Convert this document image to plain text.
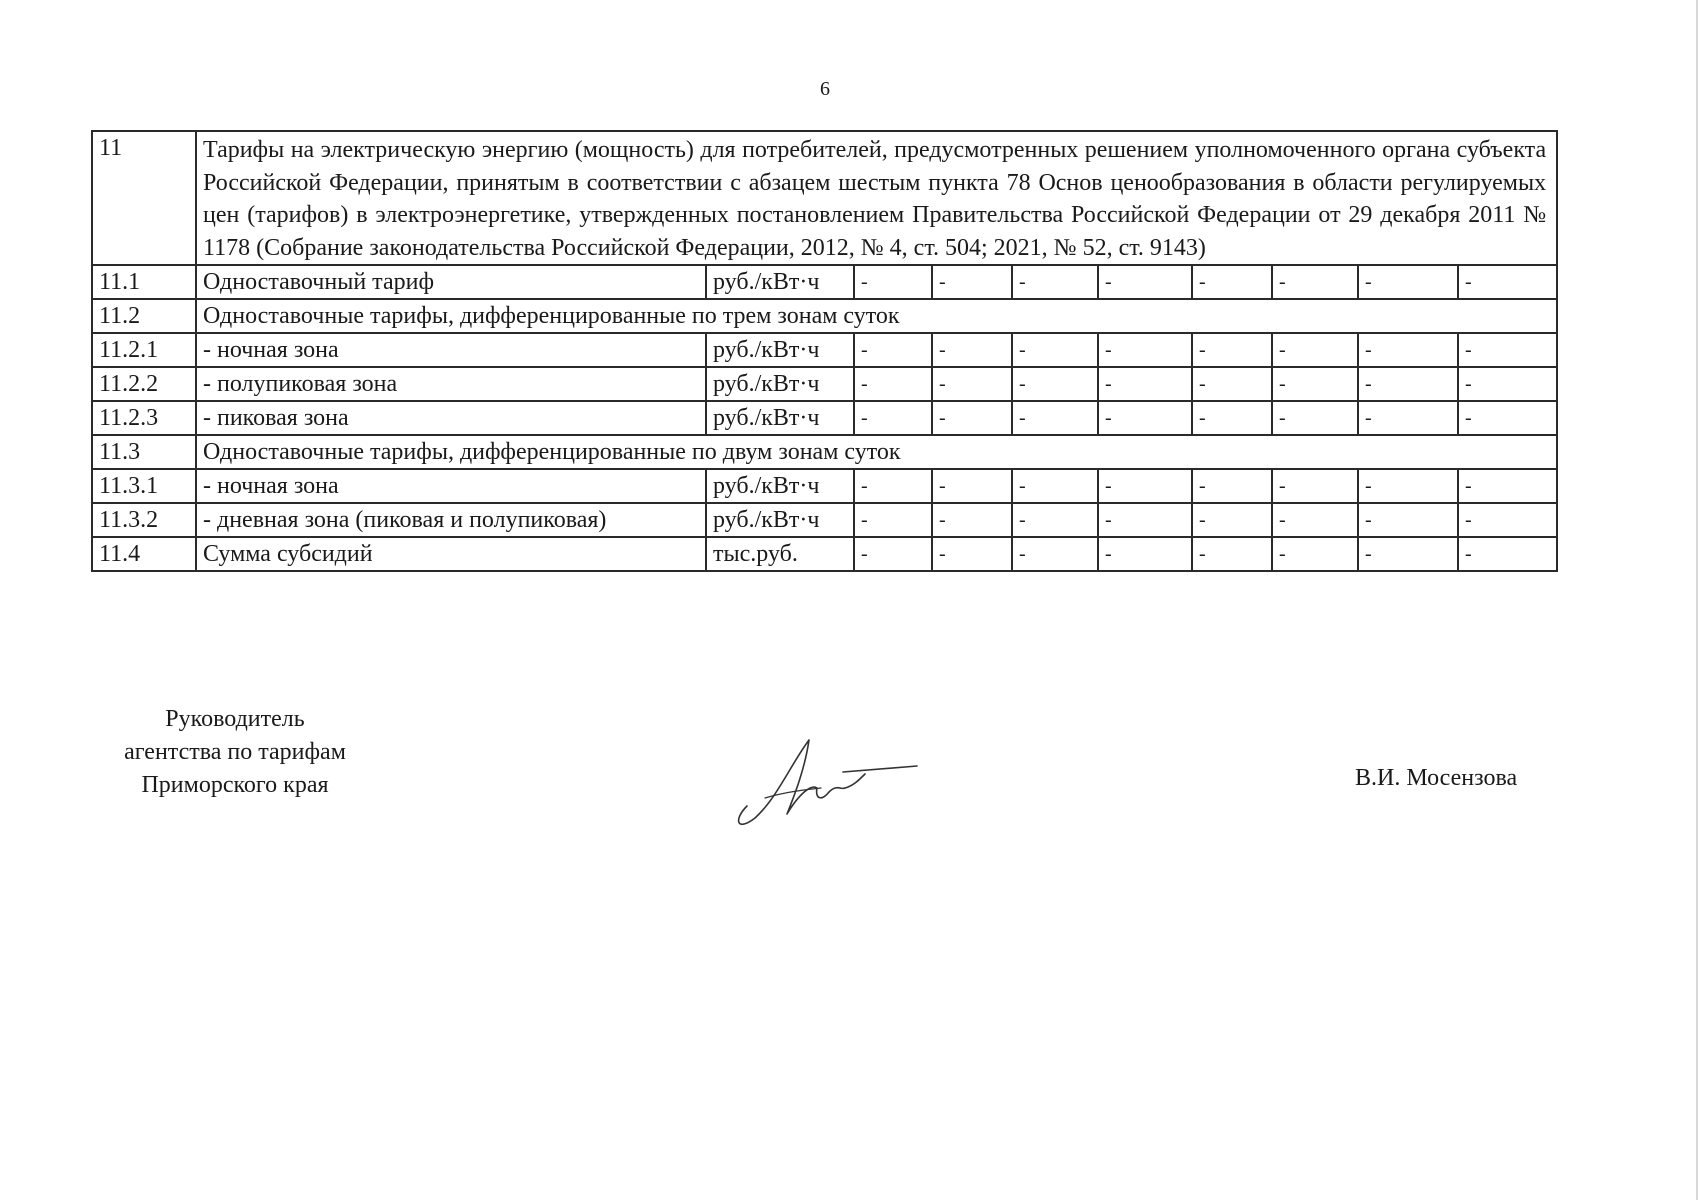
6
11	Тарифы на электрическую энергию (мощность) для потребителей, предусмотренных решением уполномоченного органа субъекта Российской Федерации, принятым в соответствии с абзацем шестым пункта 78 Основ ценообразования в области регулируемых цен (тарифов) в электроэнергетике, утвержденных постановлением Правительства Российской Федерации от 29 декабря 2011 № 1178 (Собрание законодательства Российской Федерации, 2012, № 4, ст. 504; 2021, № 52, ст. 9143)									
11.1	Одноставочный тариф	руб./кВт·ч	-	-	-	-	-	-	-	-
11.2	Одноставочные тарифы, дифференцированные по трем зонам суток									
11.2.1	- ночная зона	руб./кВт·ч	-	-	-	-	-	-	-	-
11.2.2	- полупиковая зона	руб./кВт·ч	-	-	-	-	-	-	-	-
11.2.3	- пиковая зона	руб./кВт·ч	-	-	-	-	-	-	-	-
11.3	Одноставочные тарифы, дифференцированные по двум зонам суток									
11.3.1	- ночная зона	руб./кВт·ч	-	-	-	-	-	-	-	-
11.3.2	- дневная зона (пиковая и полупиковая)	руб./кВт·ч	-	-	-	-	-	-	-	-
11.4	Сумма субсидий	тыс.руб.	-	-	-	-	-	-	-	-
Руководитель
агентства по тарифам
Приморского края	В.И. Мосензова
